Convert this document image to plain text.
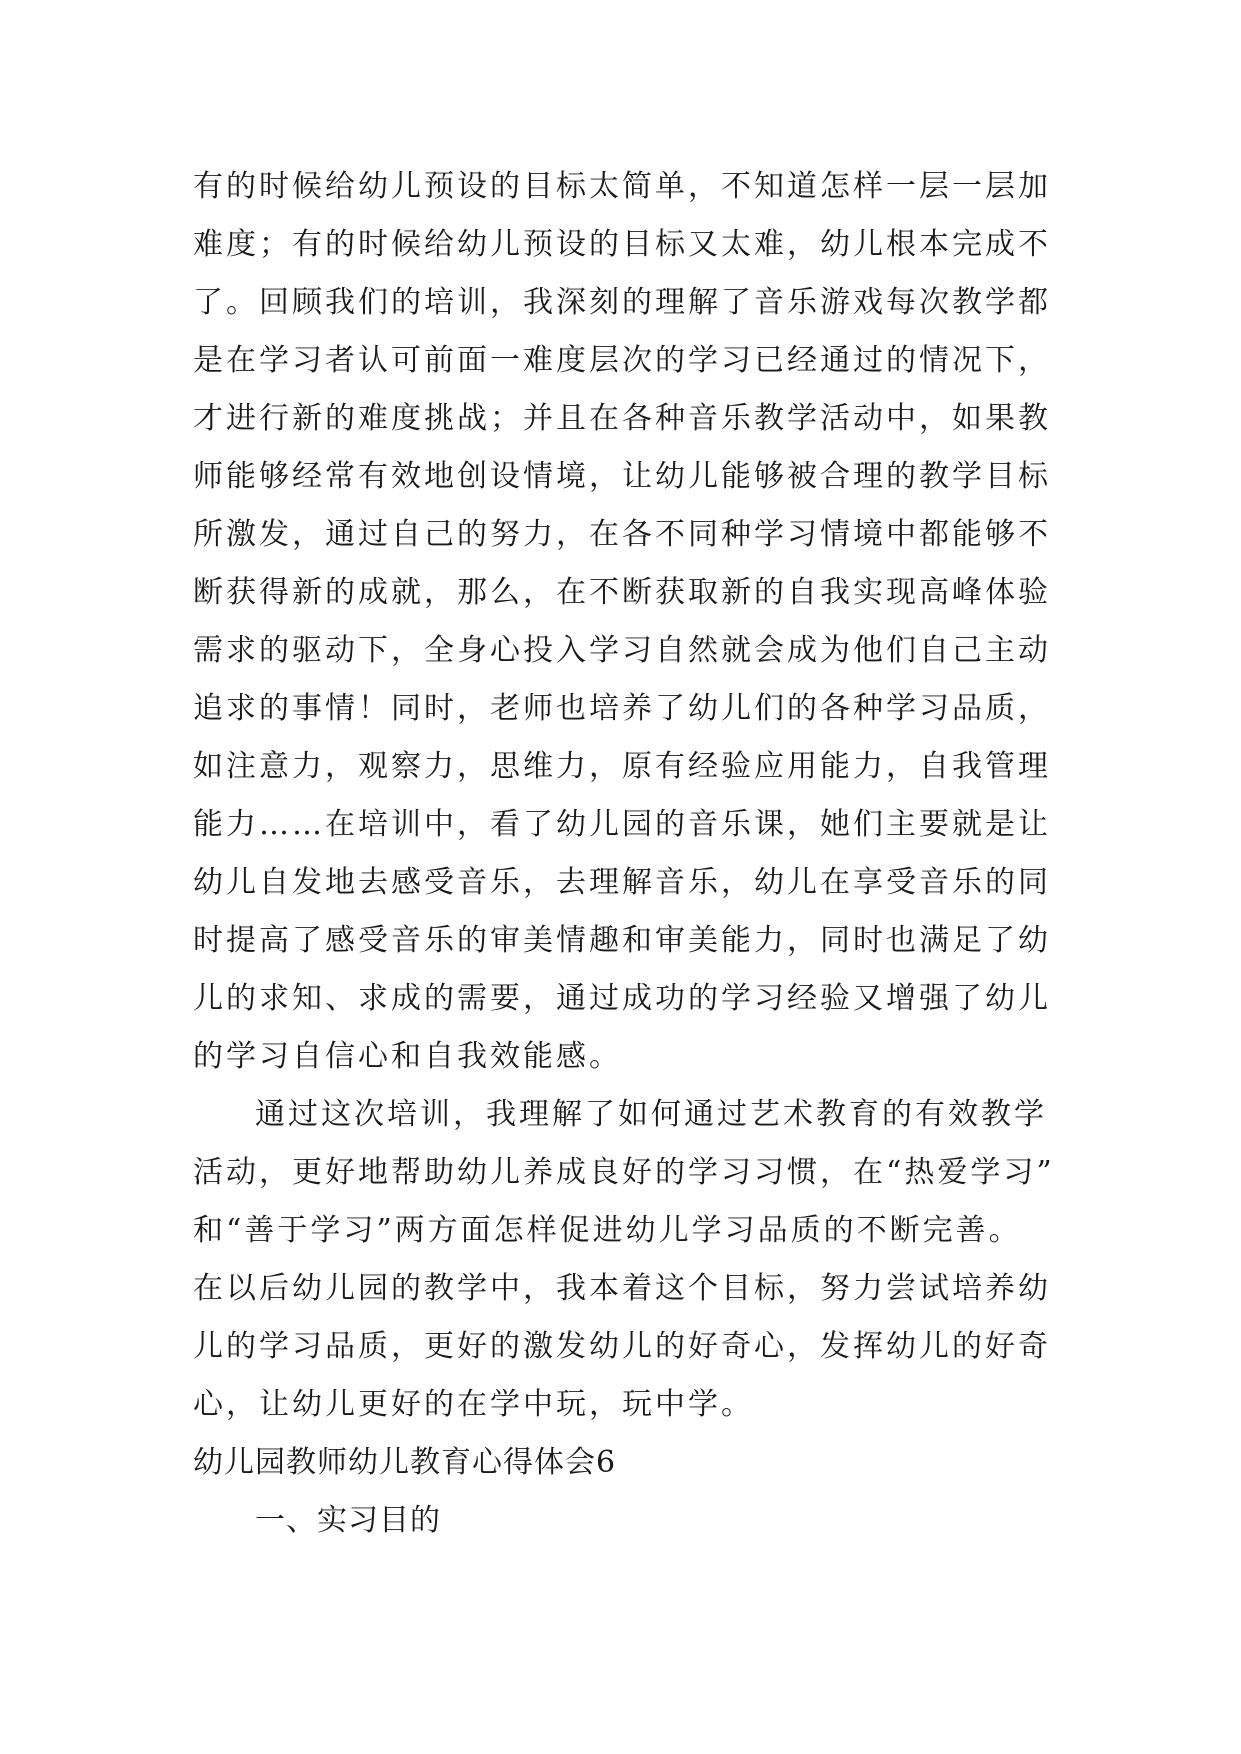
有的时候给幼儿预设的目标太简单，不知道怎样一层一层加
难度；有的时候给幼儿预设的目标又太难，幼儿根本完成不
了。回顾我们的培训，我深刻的理解了音乐游戏每次教学都
是在学习者认可前面一难度层次的学习已经通过的情况下，
才进行新的难度挑战；并且在各种音乐教学活动中，如果教
师能够经常有效地创设情境，让幼儿能够被合理的教学目标
所激发，通过自己的努力，在各不同种学习情境中都能够不
断获得新的成就，那么，在不断获取新的自我实现高峰体验
需求的驱动下，全身心投入学习自然就会成为他们自己主动
追求的事情！同时，老师也培养了幼儿们的各种学习品质，
如注意力，观察力，思维力，原有经验应用能力，自我管理
能力……在培训中，看了幼儿园的音乐课，她们主要就是让
幼儿自发地去感受音乐，去理解音乐，幼儿在享受音乐的同
时提高了感受音乐的审美情趣和审美能力，同时也满足了幼
儿的求知、求成的需要，通过成功的学习经验又增强了幼儿
的学习自信心和自我效能感。
通过这次培训，我理解了如何通过艺术教育的有效教学
活动，更好地帮助幼儿养成良好的学习习惯，在“热爱学习”
和“善于学习”两方面怎样促进幼儿学习品质的不断完善。
在以后幼儿园的教学中，我本着这个目标，努力尝试培养幼
儿的学习品质，更好的激发幼儿的好奇心，发挥幼儿的好奇
心，让幼儿更好的在学中玩，玩中学。
幼儿园教师幼儿教育心得体会6
一、实习目的
